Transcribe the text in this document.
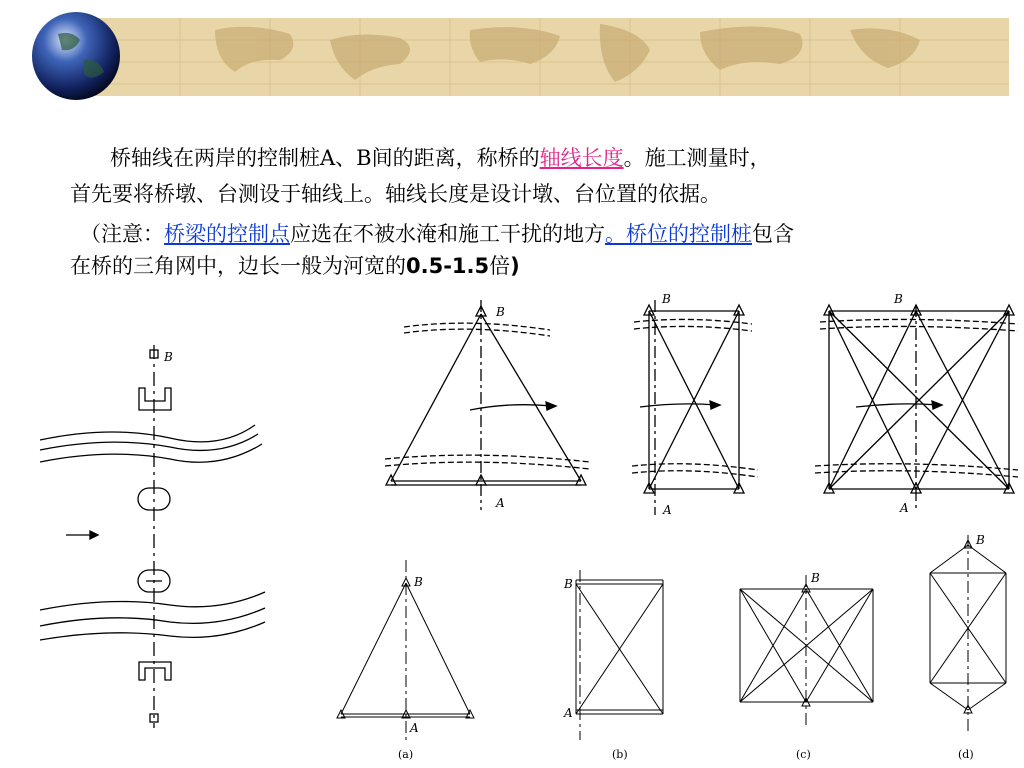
桥轴线在两岸的控制桩A、B间的距离，称桥的轴线长度。施工测量时，
首先要将桥墩、台测设于轴线上。轴线长度是设计墩、台位置的依据。
（注意：桥梁的控制点应选在不被水淹和施工干扰的地方。桥位的控制桩包含
在桥的三角网中，边长一般为河宽的0.5-1.5倍)
B
B
A
B
A
B
A
B
A
B
A
B
B
(a)	(b)	(c)	(d)
